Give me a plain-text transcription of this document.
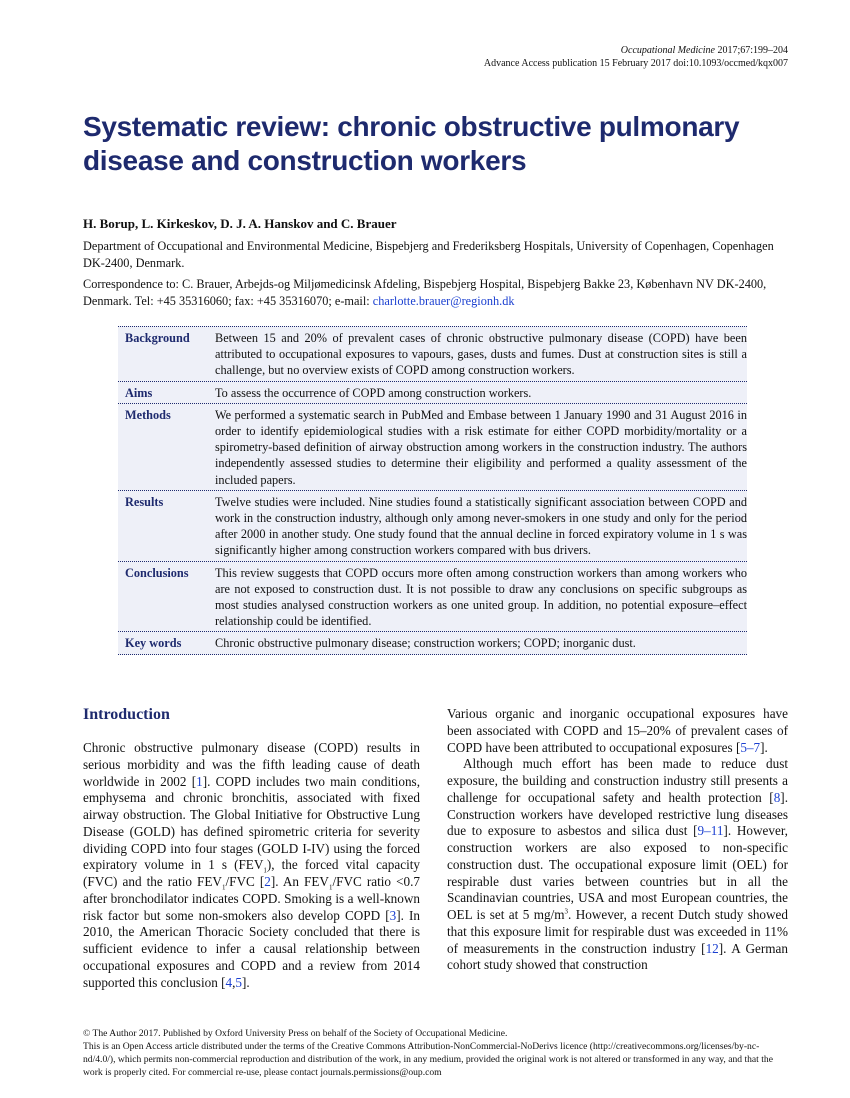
Occupational Medicine 2017;67:199–204
Advance Access publication 15 February 2017 doi:10.1093/occmed/kqx007
Systematic review: chronic obstructive pulmonary disease and construction workers
H. Borup, L. Kirkeskov, D. J. A. Hanskov and C. Brauer
Department of Occupational and Environmental Medicine, Bispebjerg and Frederiksberg Hospitals, University of Copenhagen, Copenhagen DK-2400, Denmark.
Correspondence to: C. Brauer, Arbejds-og Miljømedicinsk Afdeling, Bispebjerg Hospital, Bispebjerg Bakke 23, København NV DK-2400, Denmark. Tel: +45 35316060; fax: +45 35316070; e-mail: charlotte.brauer@regionh.dk
Background	Between 15 and 20% of prevalent cases of chronic obstructive pulmonary disease (COPD) have been attributed to occupational exposures to vapours, gases, dusts and fumes. Dust at construction sites is still a challenge, but no overview exists of COPD among construction workers.
Aims	To assess the occurrence of COPD among construction workers.
Methods	We performed a systematic search in PubMed and Embase between 1 January 1990 and 31 August 2016 in order to identify epidemiological studies with a risk estimate for either COPD morbidity/mortality or a spirometry-based definition of airway obstruction among workers in the construction industry. The authors independently assessed studies to determine their eligibility and performed a quality assessment of the included papers.
Results	Twelve studies were included. Nine studies found a statistically significant association between COPD and work in the construction industry, although only among never-smokers in one study and only for the period after 2000 in another study. One study found that the annual decline in forced expiratory volume in 1 s was significantly higher among construction workers compared with bus drivers.
Conclusions	This review suggests that COPD occurs more often among construction workers than among workers who are not exposed to construction dust. It is not possible to draw any conclusions on specific subgroups as most studies analysed construction workers as one united group. In addition, no potential exposure–effect relationship could be identified.
Key words	Chronic obstructive pulmonary disease; construction workers; COPD; inorganic dust.
Introduction

Chronic obstructive pulmonary disease (COPD) results in serious morbidity and was the fifth leading cause of death worldwide in 2002 [1]. COPD includes two main conditions, emphysema and chronic bronchitis, associated with fixed airway obstruction. The Global Initiative for Obstructive Lung Disease (GOLD) has defined spirometric criteria for severity dividing COPD into four stages (GOLD I-IV) using the forced expiratory volume in 1 s $(FEV_1)$, the forced vital capacity (FVC) and the ratio $FEV_1$/FVC [2]. An $FEV_1$/FVC ratio <0.7 after bronchodilator indicates COPD. Smoking is a well-known risk factor but some non-smokers also develop COPD [3]. In 2010, the American Thoracic Society concluded that there is sufficient evidence to infer a causal relationship between occupational exposures and COPD and a review from 2014 supported this conclusion [4,5].

Various organic and inorganic occupational exposures have been associated with COPD and 15–20% of prevalent cases of COPD have been attributed to occupational exposures [5–7].

Although much effort has been made to reduce dust exposure, the building and construction industry still presents a challenge for occupational safety and health protection [8]. Construction workers have developed restrictive lung diseases due to exposure to asbestos and silica dust [9–11]. However, construction workers are also exposed to non-specific construction dust. The occupational exposure limit (OEL) for respirable dust varies between countries but in all the Scandinavian countries, USA and most European countries, the OEL is set at 5 $mg/m^3$. However, a recent Dutch study showed that this exposure limit for respirable dust was exceeded in 11% of measurements in the construction industry [12]. A German cohort study showed that construction

© The Author 2017. Published by Oxford University Press on behalf of the Society of Occupational Medicine.
This is an Open Access article distributed under the terms of the Creative Commons Attribution-NonCommercial-NoDerivs licence (http://creativecommons.org/licenses/by-nc-nd/4.0/), which permits non-commercial reproduction and distribution of the work, in any medium, provided the original work is not altered or transformed in any way, and that the work is properly cited. For commercial re-use, please contact journals.permissions@oup.com
